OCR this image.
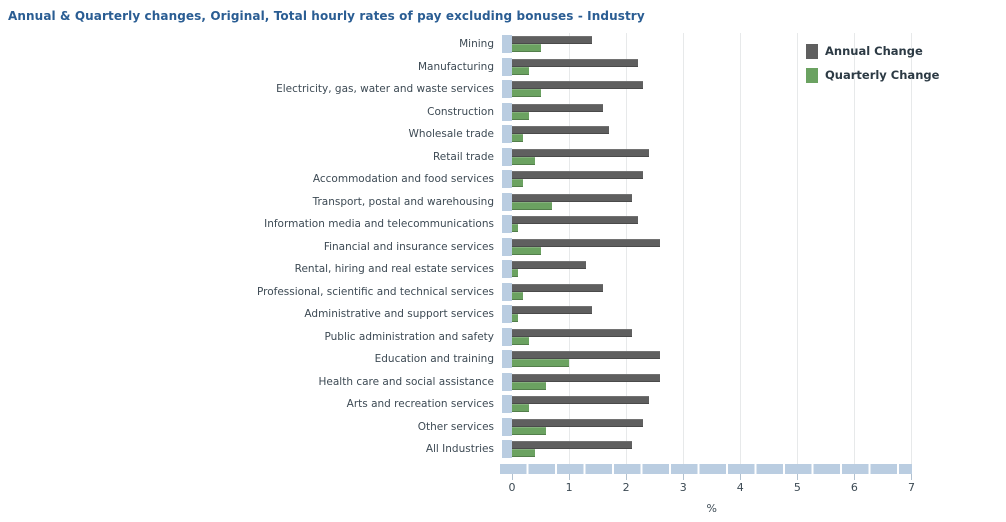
Annual & Quarterly changes, Original, Total hourly rates of pay excluding bonuses - Industry
Mining
Manufacturing
Electricity, gas, water and waste services
Construction
Wholesale trade
Retail trade
Accommodation and food services
Transport, postal and warehousing
Information media and telecommunications
Financial and insurance services
Rental, hiring and real estate services
Professional, scientific and technical services
Administrative and support services
Public administration and safety
Education and training
Health care and social assistance
Arts and recreation services
Other services
All Industries
0	1	2	3	4	5	6	7
%
Annual Change
Quarterly Change
